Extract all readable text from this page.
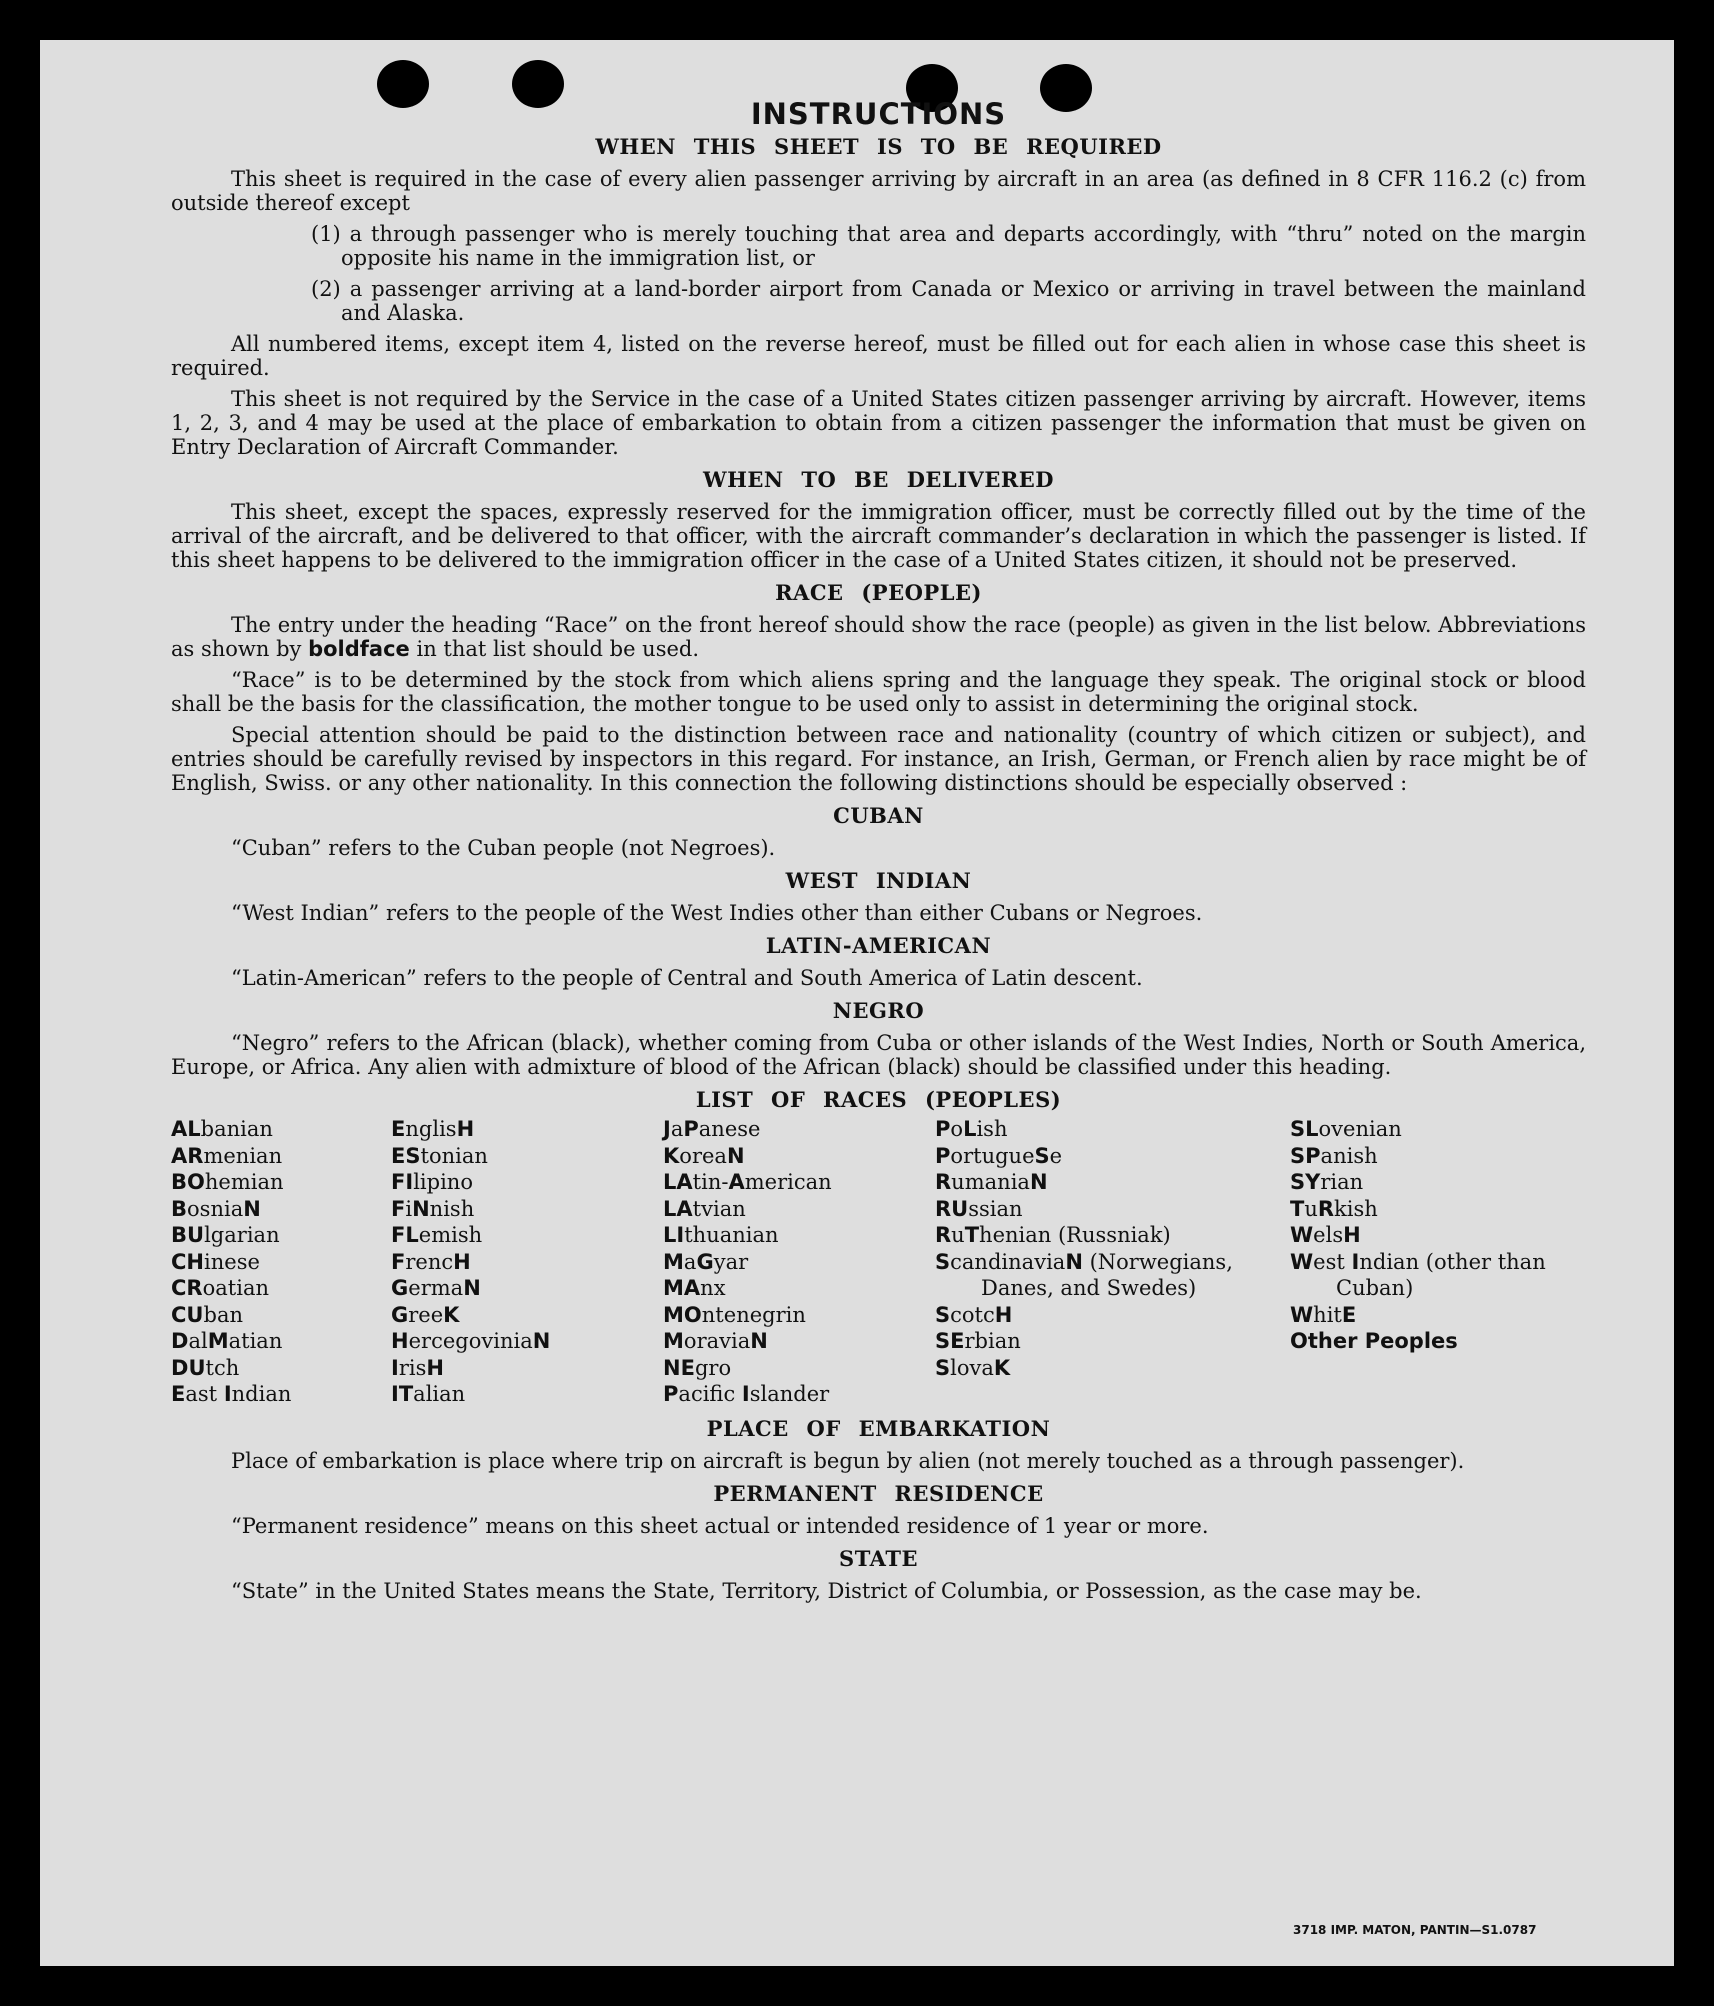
INSTRUCTIONS
WHEN THIS SHEET IS TO BE REQUIRED

This sheet is required in the case of every alien passenger arriving by aircraft in an area (as defined in 8 CFR 116.2 (c) from outside thereof except

(1) a through passenger who is merely touching that area and departs accordingly, with “thru” noted on the margin opposite his name in the immigration list, or

(2) a passenger arriving at a land-border airport from Canada or Mexico or arriving in travel between the mainland and Alaska.

All numbered items, except item 4, listed on the reverse hereof, must be filled out for each alien in whose case this sheet is required.

This sheet is not required by the Service in the case of a United States citizen passenger arriving by aircraft. However, items 1, 2, 3, and 4 may be used at the place of embarkation to obtain from a citizen passenger the information that must be given on Entry Declaration of Aircraft Commander.

WHEN TO BE DELIVERED

This sheet, except the spaces, expressly reserved for the immigration officer, must be correctly filled out by the time of the arrival of the aircraft, and be delivered to that officer, with the aircraft commander’s declaration in which the passenger is listed. If this sheet happens to be delivered to the immigration officer in the case of a United States citizen, it should not be preserved.

RACE (PEOPLE)

The entry under the heading “Race” on the front hereof should show the race (people) as given in the list below. Abbreviations as shown by boldface in that list should be used.

“Race” is to be determined by the stock from which aliens spring and the language they speak. The original stock or blood shall be the basis for the classification, the mother tongue to be used only to assist in determining the original stock.

Special attention should be paid to the distinction between race and nationality (country of which citizen or subject), and entries should be carefully revised by inspectors in this regard. For instance, an Irish, German, or French alien by race might be of English, Swiss. or any other nationality. In this connection the following distinctions should be especially observed :

CUBAN

“Cuban” refers to the Cuban people (not Negroes).

WEST INDIAN

“West Indian” refers to the people of the West Indies other than either Cubans or Negroes.

LATIN-AMERICAN

“Latin-American” refers to the people of Central and South America of Latin descent.

NEGRO

“Negro” refers to the African (black), whether coming from Cuba or other islands of the West Indies, North or South America, Europe, or Africa. Any alien with admixture of blood of the African (black) should be classified under this heading.

LIST OF RACES (PEOPLES)
ALbanian
ARmenian
BOhemian
BosniaN
BUlgarian
CHinese
CRoatian
CUban
DalMatian
DUtch
East Indian
EnglisH
EStonian
FIlipino
FiNnish
FLemish
FrencH
GermaN
GreeK
HercegoviniaN
IrisH
ITalian
JaPanese
KoreaN
LAtin-American
LAtvian
LIthuanian
MaGyar
MAnx
MOntenegrin
MoraviaN
NEgro
Pacifc Islander
PoLish
PortugueSe
RumaniaN
RUssian
RuThenian (Russniak)
ScandinaviaN (Norwegians, Danes, and Swedes)
ScotcH
SErbian
SlovaK
SLovenian
SPanish
SYrian
TuRkish
WelsH
West Indian (other than Cuban)
WhitE
Other Peoples
PLACE OF EMBARKATION

Place of embarkation is place where trip on aircraft is begun by alien (not merely touched as a through passenger).

PERMANENT RESIDENCE

“Permanent residence” means on this sheet actual or intended residence of 1 year or more.

STATE

“State” in the United States means the State, Territory, District of Columbia, or Possession, as the case may be.

3718 IMP. MATON, PANTIN—S1.0787
